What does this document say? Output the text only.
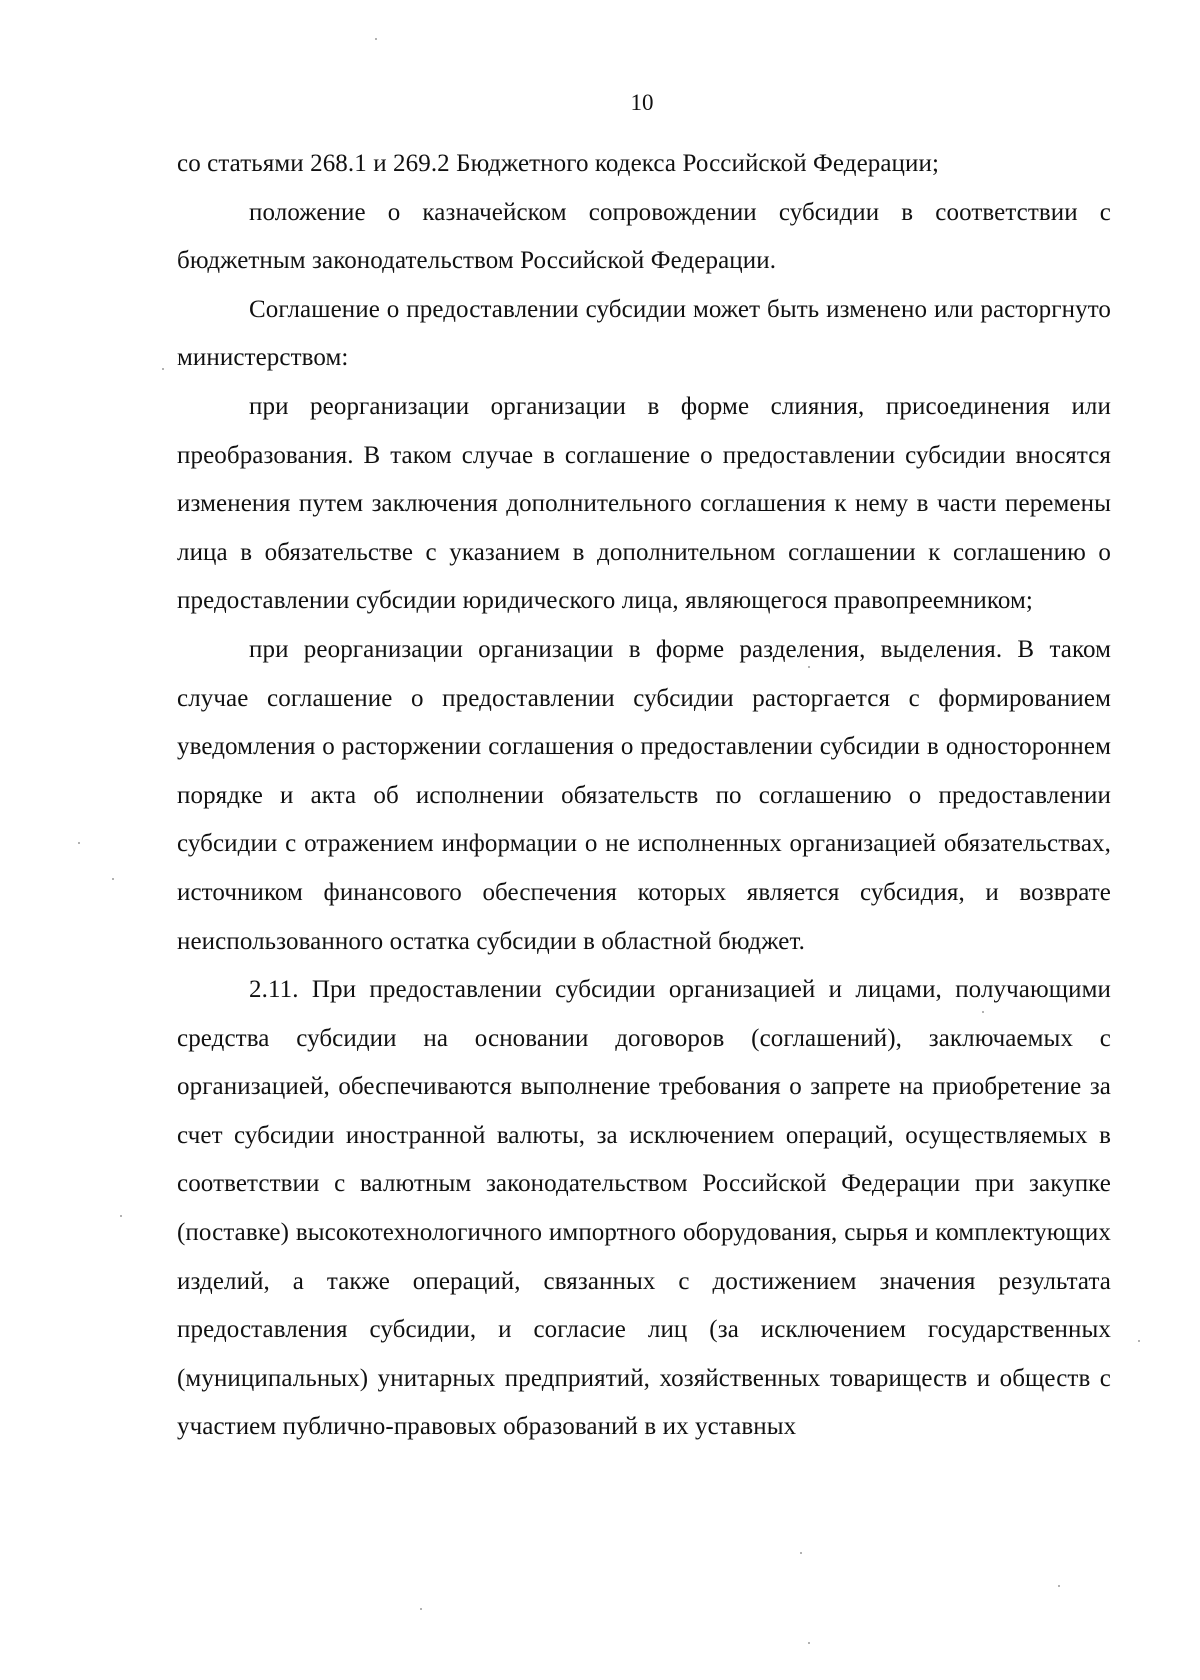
10

со статьями 268.1 и 269.2 Бюджетного кодекса Российской Федерации;

положение о казначейском сопровождении субсидии в соответствии с бюджетным законодательством Российской Федерации.

Соглашение о предоставлении субсидии может быть изменено или расторгнуто министерством:

при реорганизации организации в форме слияния, присоединения или преобразования. В таком случае в соглашение о предоставлении субсидии вносятся изменения путем заключения дополнительного соглашения к нему в части перемены лица в обязательстве с указанием в дополнительном соглашении к соглашению о предоставлении субсидии юридического лица, являющегося правопреемником;

при реорганизации организации в форме разделения, выделения. В таком случае соглашение о предоставлении субсидии расторгается с формированием уведомления о расторжении соглашения о предоставлении субсидии в одностороннем порядке и акта об исполнении обязательств по соглашению о предоставлении субсидии с отражением информации о не исполненных организацией обязательствах, источником финансового обеспечения которых является субсидия, и возврате неиспользованного остатка субсидии в областной бюджет.

2.11. При предоставлении субсидии организацией и лицами, получающими средства субсидии на основании договоров (соглашений), заключаемых с организацией, обеспечиваются выполнение требования о запрете на приобретение за счет субсидии иностранной валюты, за исключением операций, осуществляемых в соответствии с валютным законодательством Российской Федерации при закупке (поставке) высокотехнологичного импортного оборудования, сырья и комплектующих изделий, а также операций, связанных с достижением значения результата предоставления субсидии, и согласие лиц (за исключением государственных (муниципальных) унитарных предприятий, хозяйственных товариществ и обществ с участием публично-правовых образований в их уставных
